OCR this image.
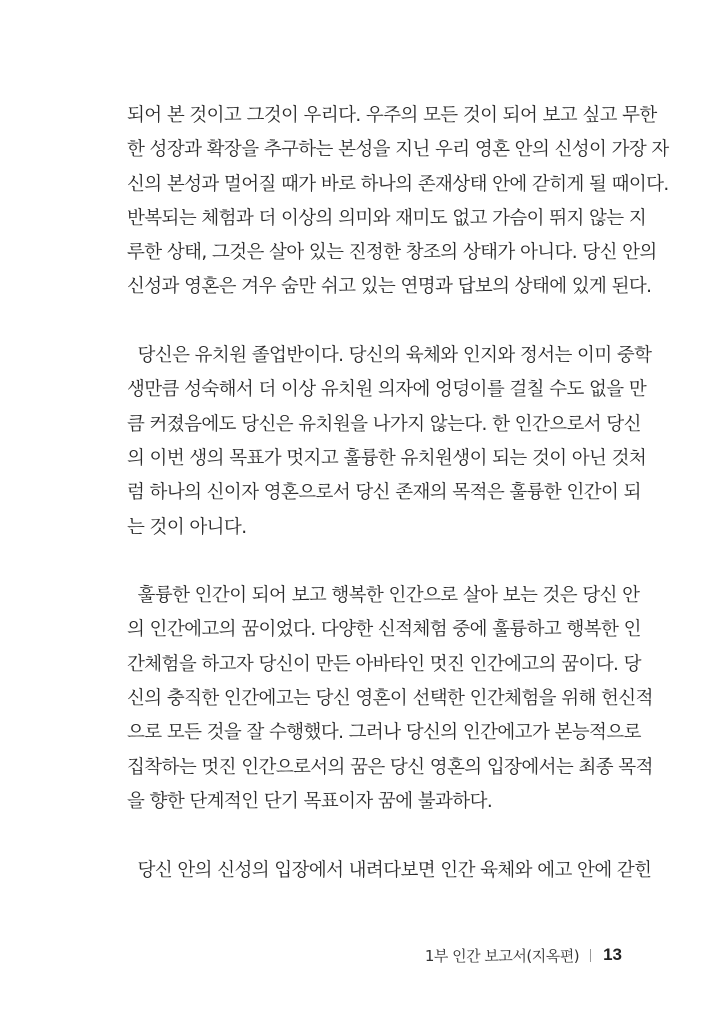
되어 본 것이고 그것이 우리다. 우주의 모든 것이 되어 보고 싶고 무한
한 성장과 확장을 추구하는 본성을 지닌 우리 영혼 안의 신성이 가장 자
신의 본성과 멀어질 때가 바로 하나의 존재상태 안에 갇히게 될 때이다.
반복되는 체험과 더 이상의 의미와 재미도 없고 가슴이 뛰지 않는 지
루한 상태, 그것은 살아 있는 진정한 창조의 상태가 아니다. 당신 안의
신성과 영혼은 겨우 숨만 쉬고 있는 연명과 답보의 상태에 있게 된다.

당신은 유치원 졸업반이다. 당신의 육체와 인지와 정서는 이미 중학
생만큼 성숙해서 더 이상 유치원 의자에 엉덩이를 걸칠 수도 없을 만
큼 커졌음에도 당신은 유치원을 나가지 않는다. 한 인간으로서 당신
의 이번 생의 목표가 멋지고 훌륭한 유치원생이 되는 것이 아닌 것처
럼 하나의 신이자 영혼으로서 당신 존재의 목적은 훌륭한 인간이 되
는 것이 아니다.

훌륭한 인간이 되어 보고 행복한 인간으로 살아 보는 것은 당신 안
의 인간에고의 꿈이었다. 다양한 신적체험 중에 훌륭하고 행복한 인
간체험을 하고자 당신이 만든 아바타인 멋진 인간에고의 꿈이다. 당
신의 충직한 인간에고는 당신 영혼이 선택한 인간체험을 위해 헌신적
으로 모든 것을 잘 수행했다. 그러나 당신의 인간에고가 본능적으로
집착하는 멋진 인간으로서의 꿈은 당신 영혼의 입장에서는 최종 목적
을 향한 단계적인 단기 목표이자 꿈에 불과하다.

당신 안의 신성의 입장에서 내려다보면 인간 육체와 에고 안에 갇힌

1부 인간 보고서(지옥편) 13
